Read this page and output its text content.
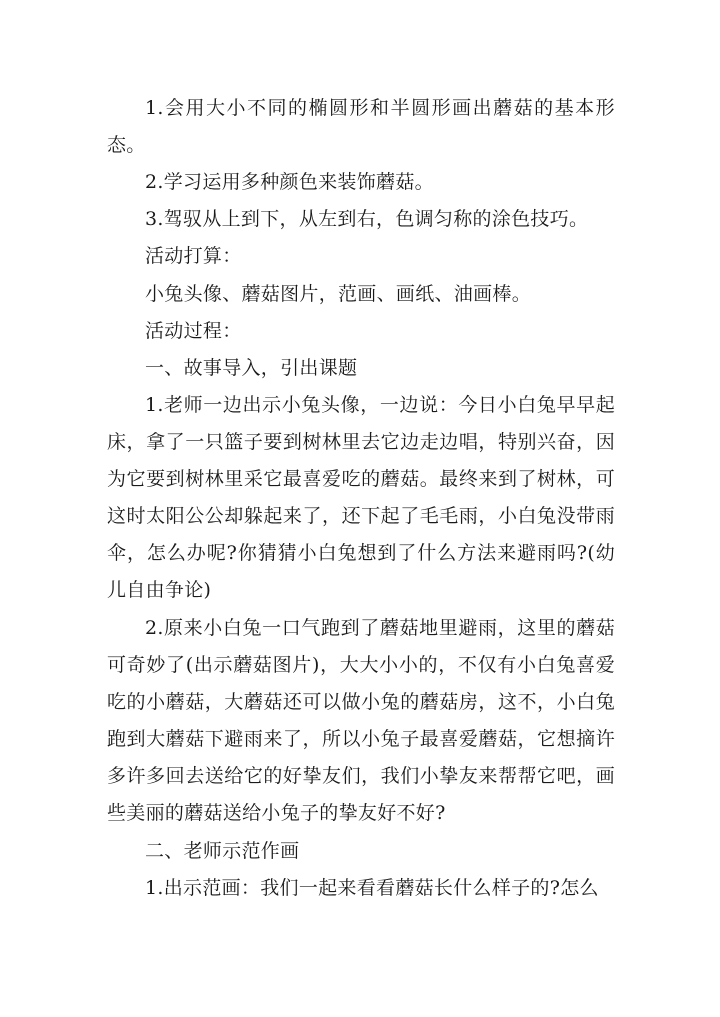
1.会用大小不同的椭圆形和半圆形画出蘑菇的基本形态。

2.学习运用多种颜色来装饰蘑菇。

3.驾驭从上到下，从左到右，色调匀称的涂色技巧。

活动打算：

小兔头像、蘑菇图片，范画、画纸、油画棒。

活动过程：

一、故事导入，引出课题

1.老师一边出示小兔头像，一边说：今日小白兔早早起床，拿了一只篮子要到树林里去它边走边唱，特别兴奋，因为它要到树林里采它最喜爱吃的蘑菇。最终来到了树林，可这时太阳公公却躲起来了，还下起了毛毛雨，小白兔没带雨伞，怎么办呢?你猜猜小白兔想到了什么方法来避雨吗?(幼儿自由争论)

2.原来小白兔一口气跑到了蘑菇地里避雨，这里的蘑菇可奇妙了(出示蘑菇图片)，大大小小的，不仅有小白兔喜爱吃的小蘑菇，大蘑菇还可以做小兔的蘑菇房，这不，小白兔跑到大蘑菇下避雨来了，所以小兔子最喜爱蘑菇，它想摘许多许多回去送给它的好挚友们，我们小挚友来帮帮它吧，画些美丽的蘑菇送给小兔子的挚友好不好?

二、老师示范作画

1.出示范画：我们一起来看看蘑菇长什么样子的?怎么
